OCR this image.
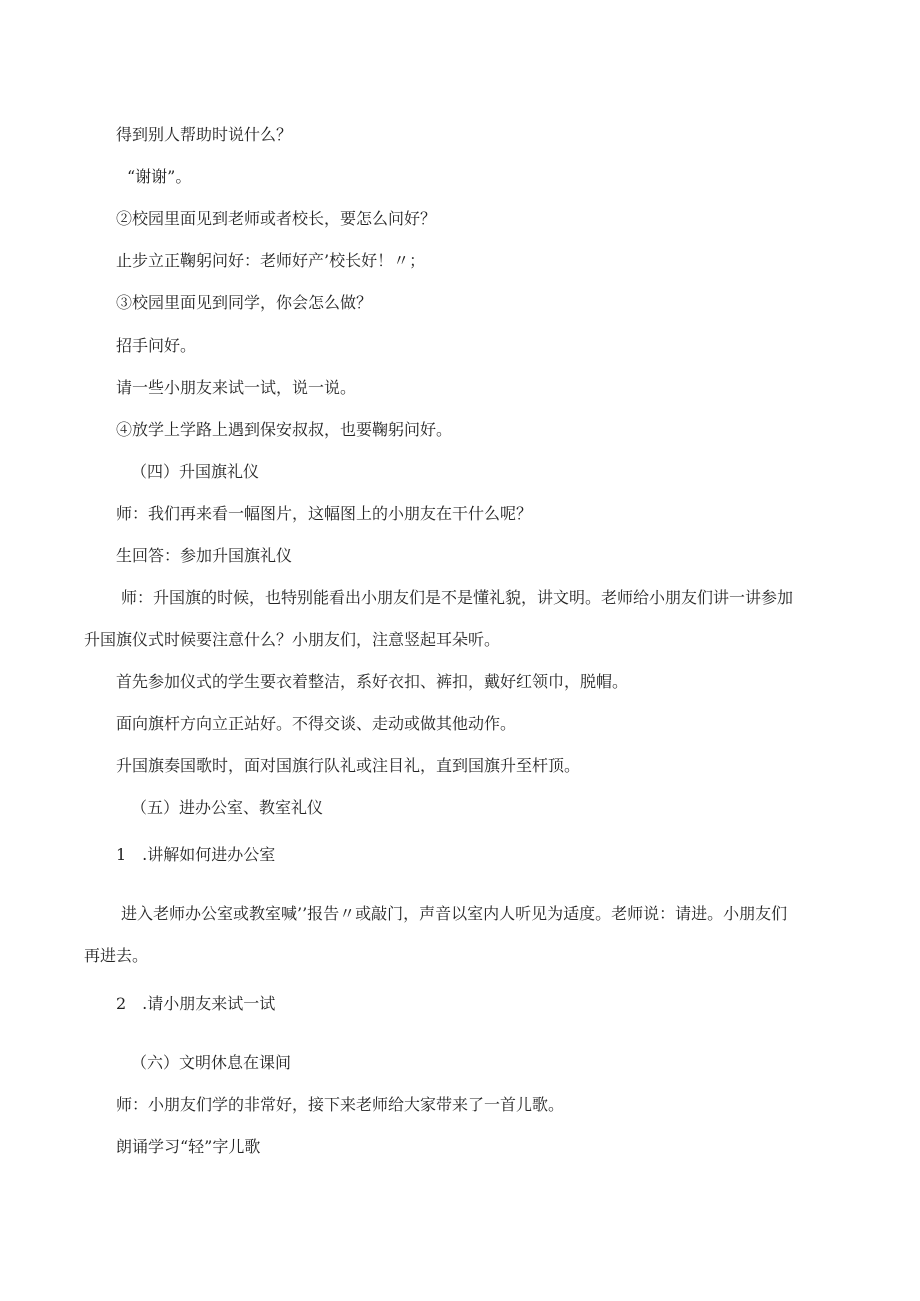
得到别人帮助时说什么？
“谢谢”。
②校园里面见到老师或者校长，要怎么问好？
止步立正鞠躬问好：老师好产’校长好！〃；
③校园里面见到同学，你会怎么做？
招手问好。
请一些小朋友来试一试，说一说。
④放学上学路上遇到保安叔叔，也要鞠躬问好。
（四）升国旗礼仪
师：我们再来看一幅图片，这幅图上的小朋友在干什么呢？
生回答：参加升国旗礼仪
师：升国旗的时候，也特别能看出小朋友们是不是懂礼貌，讲文明。老师给小朋友们讲一讲参加
升国旗仪式时候要注意什么？小朋友们，注意竖起耳朵听。
首先参加仪式的学生要衣着整洁，系好衣扣、裤扣，戴好红领巾，脱帽。
面向旗杆方向立正站好。不得交谈、走动或做其他动作。
升国旗奏国歌时，面对国旗行队礼或注目礼，直到国旗升至杆顶。
（五）进办公室、教室礼仪
1　.讲解如何进办公室
进入老师办公室或教室喊’’报告〃或敲门，声音以室内人听见为适度。老师说：请进。小朋友们
再进去。
2　.请小朋友来试一试
（六）文明休息在课间
师：小朋友们学的非常好，接下来老师给大家带来了一首儿歌。
朗诵学习“轻”字儿歌
